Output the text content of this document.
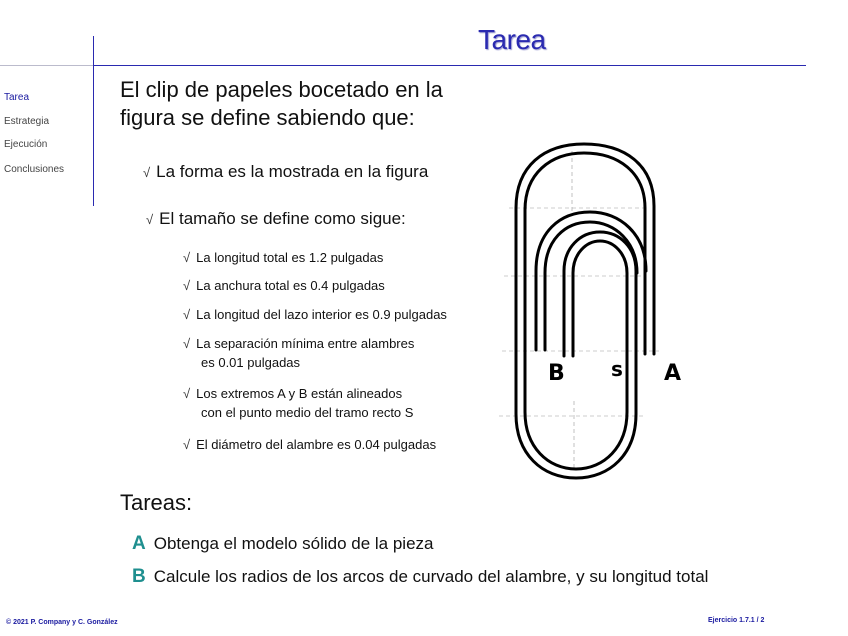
Tarea
Tarea
Estrategia
Ejecución
Conclusiones
El clip de papeles bocetado en la
figura se define sabiendo que:
√ La forma es la mostrada en la figura
√ El tamaño se define como sigue:
√ La longitud total es 1.2 pulgadas
√ La anchura total es 0.4 pulgadas
√ La longitud del lazo interior es 0.9 pulgadas
√ La separación mínima entre alambres
es 0.01 pulgadas
√ Los extremos A y B están alineados
con el punto medio del tramo recto S
√ El diámetro del alambre es 0.04 pulgadas
B s A
Tareas:
A Obtenga el modelo sólido de la pieza
B Calcule los radios de los arcos de curvado del alambre, y su longitud total
© 2021 P. Company y C. González	Ejercicio 1.7.1 / 2
